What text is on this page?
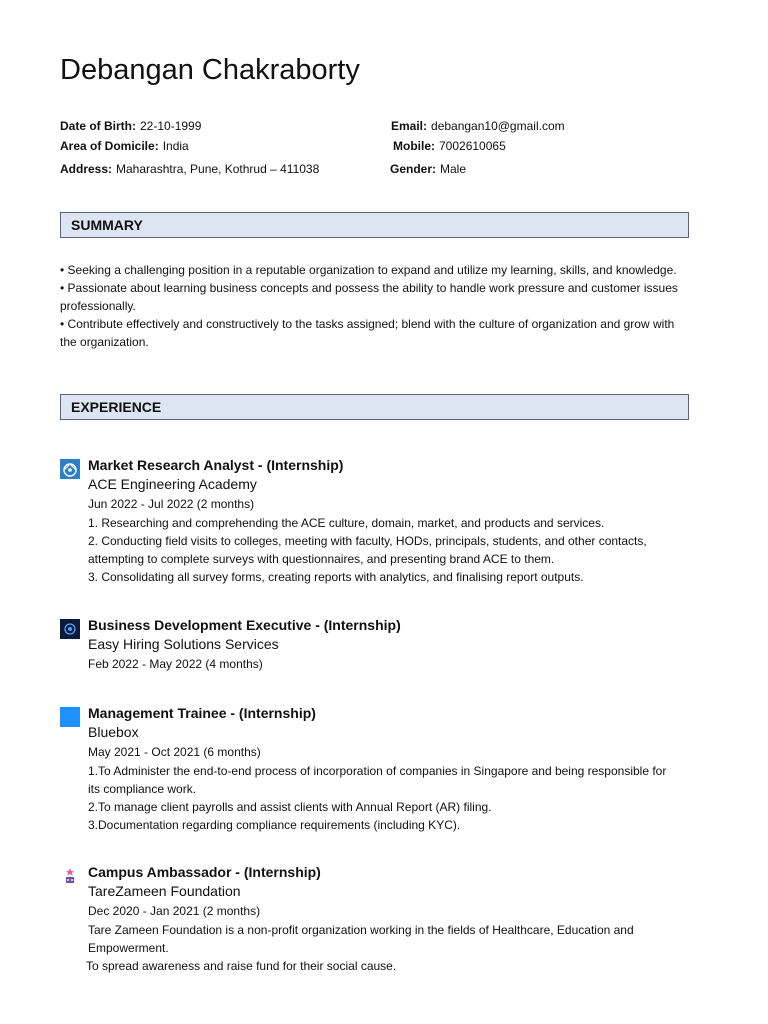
Debangan Chakraborty
Date of Birth: 22-10-1999
Area of Domicile: India
Address: Maharashtra, Pune, Kothrud – 411038
Email: debangan10@gmail.com
Mobile: 7002610065
Gender: Male
SUMMARY

• Seeking a challenging position in a reputable organization to expand and utilize my learning, skills, and knowledge.

• Passionate about learning business concepts and possess the ability to handle work pressure and customer issues professionally.

• Contribute effectively and constructively to the tasks assigned; blend with the culture of organization and grow with the organization.

EXPERIENCE
Market Research Analyst - (Internship)
ACE Engineering Academy
Jun 2022 - Jul 2022 (2 months)

1. Researching and comprehending the ACE culture, domain, market, and products and services.

2. Conducting field visits to colleges, meeting with faculty, HODs, principals, students, and other contacts, attempting to complete surveys with questionnaires, and presenting brand ACE to them.

3. Consolidating all survey forms, creating reports with analytics, and finalising report outputs.

Business Development Executive - (Internship)
Easy Hiring Solutions Services
Feb 2022 - May 2022 (4 months)
Management Trainee - (Internship)
Bluebox
May 2021 - Oct 2021 (6 months)

1.To Administer the end-to-end process of incorporation of companies in Singapore and being responsible for its compliance work.

2.To manage client payrolls and assist clients with Annual Report (AR) filing.

3.Documentation regarding compliance requirements (including KYC).

Campus Ambassador - (Internship)
TareZameen Foundation
Dec 2020 - Jan 2021 (2 months)

Tare Zameen Foundation is a non-profit organization working in the fields of Healthcare, Education and Empowerment.

To spread awareness and raise fund for their social cause.
